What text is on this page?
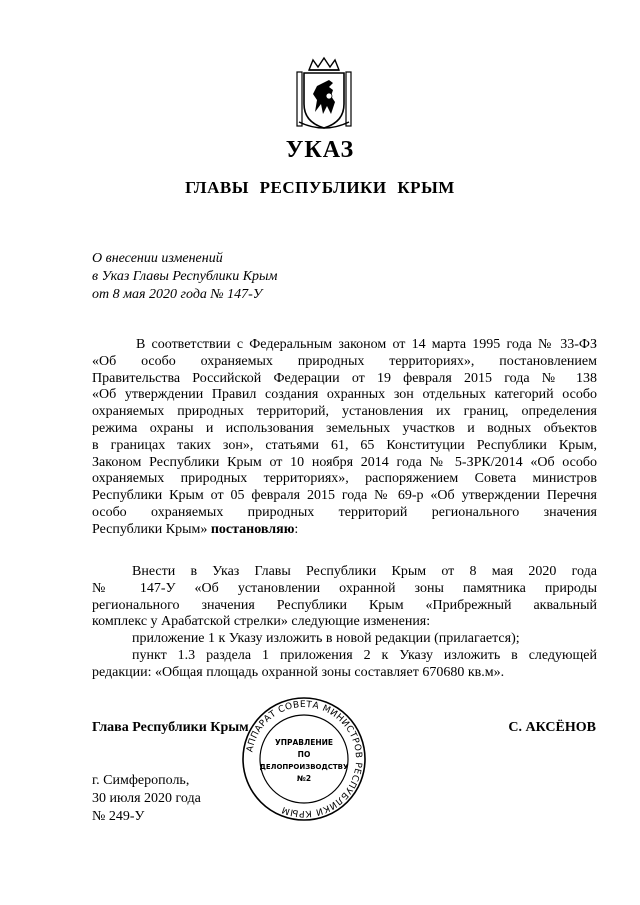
УКАЗ
ГЛАВЫ РЕСПУБЛИКИ КРЫМ
О внесении изменений
в Указ Главы Республики Крым
от 8 мая 2020 года № 147-У
В соответствии с Федеральным законом от 14 марта 1995 года № 33-ФЗ
«Об особо охраняемых природных территориях», постановлением
Правительства Российской Федерации от 19 февраля 2015 года № 138
«Об утверждении Правил создания охранных зон отдельных категорий особо
охраняемых природных территорий, установления их границ, определения
режима охраны и использования земельных участков и водных объектов
в границах таких зон», статьями 61, 65 Конституции Республики Крым,
Законом Республики Крым от 10 ноября 2014 года № 5-ЗРК/2014 «Об особо
охраняемых природных территориях», распоряжением Совета министров
Республики Крым от 05 февраля 2015 года № 69-р «Об утверждении Перечня
особо охраняемых природных территорий регионального значения
Республики Крым» постановляю:
Внести в Указ Главы Республики Крым от 8 мая 2020 года
№ 147-У «Об установлении охранной зоны памятника природы
регионального значения Республики Крым «Прибрежный аквальный
комплекс у Арабатской стрелки» следующие изменения:
приложение 1 к Указу изложить в новой редакции (прилагается);
пункт 1.3 раздела 1 приложения 2 к Указу изложить в следующей
редакции: «Общая площадь охранной зоны составляет 670680 кв.м».
Глава Республики Крым	С. АКСЁНОВ
г. Симферополь,
30 июля 2020 года
№ 249-У
АППАРАТ СОВЕТА МИНИСТРОВ РЕСПУБЛИКИ КРЫМ
УПРАВЛЕНИЕ
ПО
ДЕЛОПРОИЗВОДСТВУ
№2
